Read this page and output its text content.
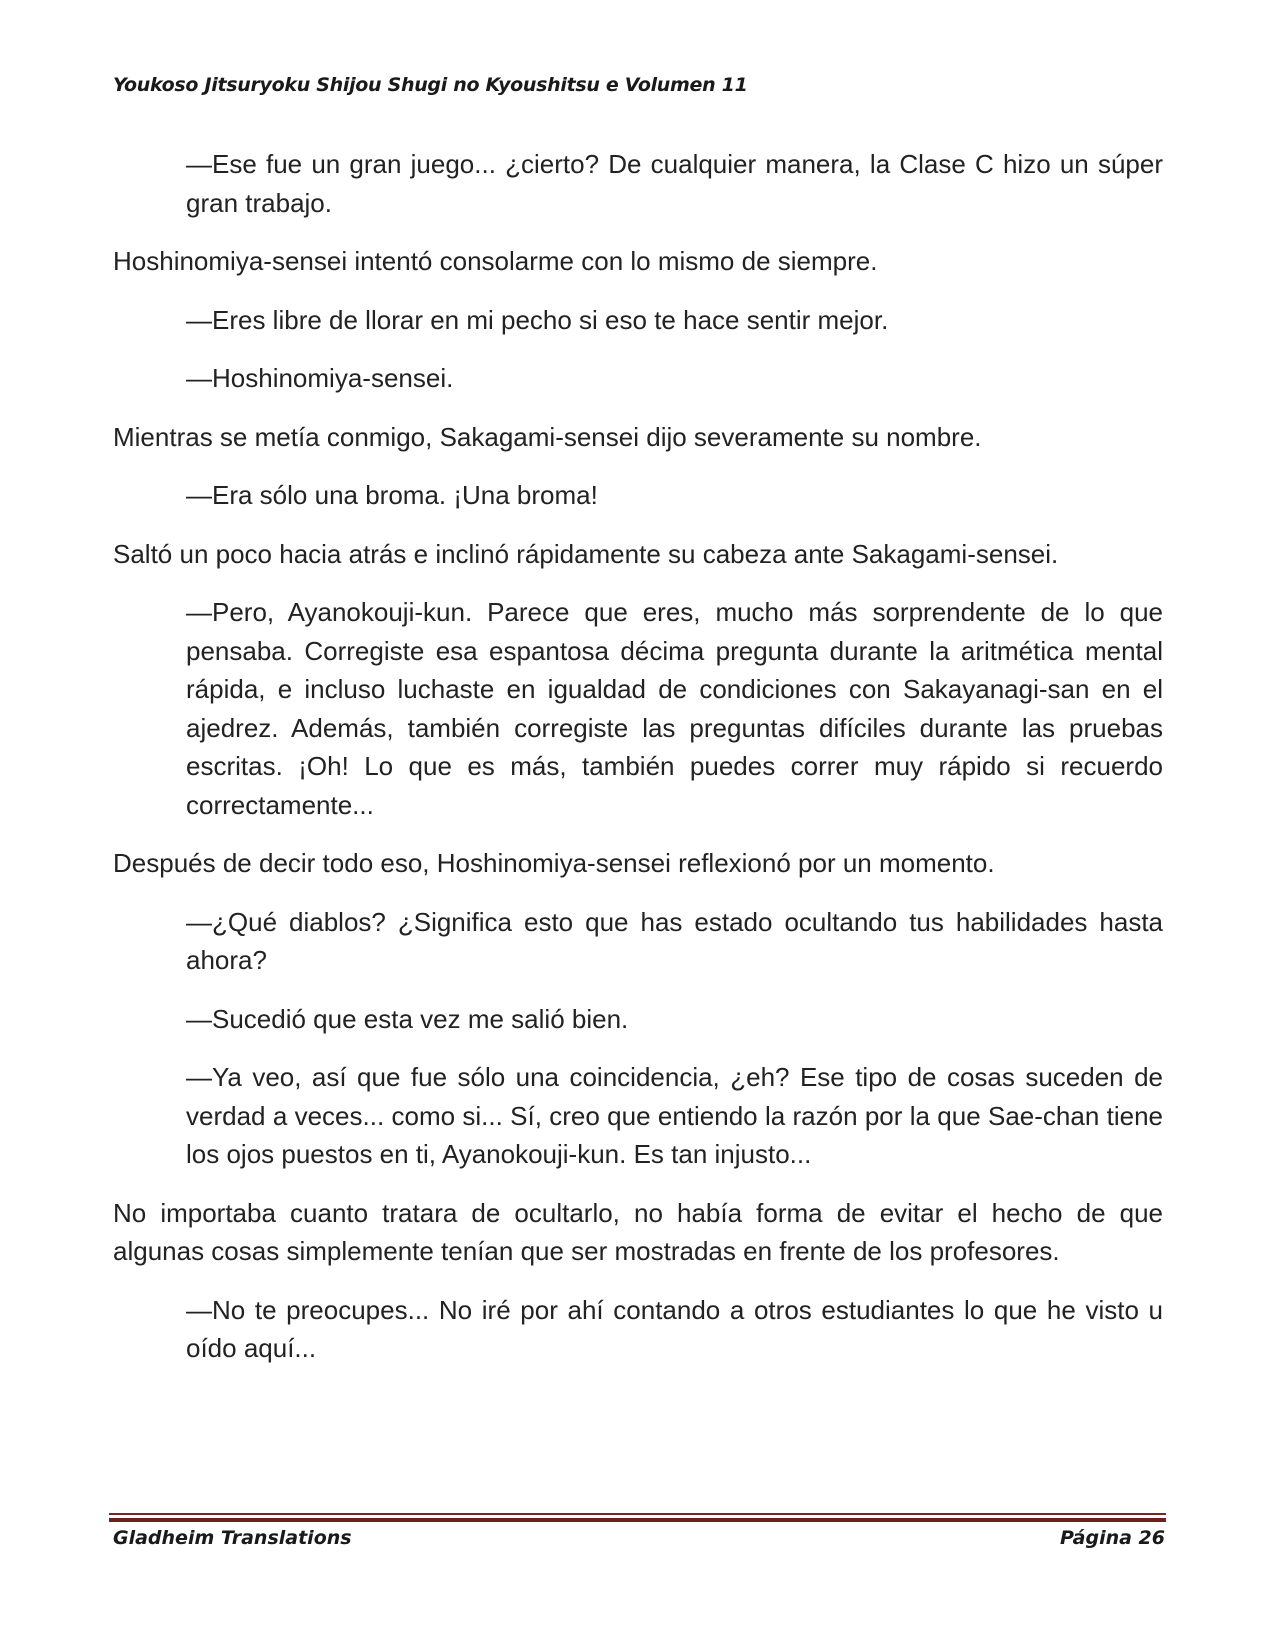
Youkoso Jitsuryoku Shijou Shugi no Kyoushitsu e Volumen 11

—Ese fue un gran juego... ¿cierto? De cualquier manera, la Clase C hizo un súper gran trabajo.

Hoshinomiya-sensei intentó consolarme con lo mismo de siempre.

—Eres libre de llorar en mi pecho si eso te hace sentir mejor.

—Hoshinomiya-sensei.

Mientras se metía conmigo, Sakagami-sensei dijo severamente su nombre.

—Era sólo una broma. ¡Una broma!

Saltó un poco hacia atrás e inclinó rápidamente su cabeza ante Sakagami-sensei.

—Pero, Ayanokouji-kun. Parece que eres, mucho más sorprendente de lo que pensaba. Corregiste esa espantosa décima pregunta durante la aritmética mental rápida, e incluso luchaste en igualdad de condiciones con Sakayanagi-san en el ajedrez. Además, también corregiste las preguntas difíciles durante las pruebas escritas. ¡Oh! Lo que es más, también puedes correr muy rápido si recuerdo correctamente...

Después de decir todo eso, Hoshinomiya-sensei reflexionó por un momento.

—¿Qué diablos? ¿Significa esto que has estado ocultando tus habilidades hasta ahora?

—Sucedió que esta vez me salió bien.

—Ya veo, así que fue sólo una coincidencia, ¿eh? Ese tipo de cosas suceden de verdad a veces... como si... Sí, creo que entiendo la razón por la que Sae-chan tiene los ojos puestos en ti, Ayanokouji-kun. Es tan injusto...

No importaba cuanto tratara de ocultarlo, no había forma de evitar el hecho de que algunas cosas simplemente tenían que ser mostradas en frente de los profesores.

—No te preocupes... No iré por ahí contando a otros estudiantes lo que he visto u oído aquí...

Gladheim Translations	Página 26
